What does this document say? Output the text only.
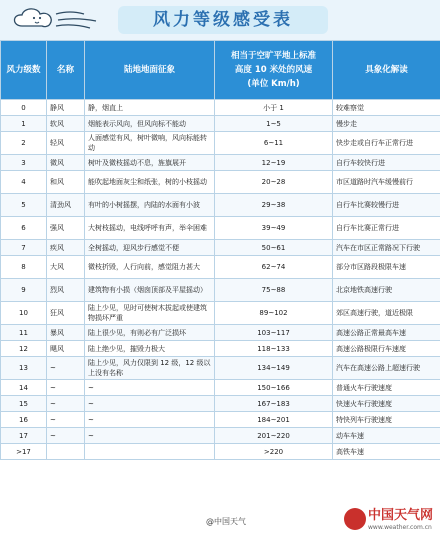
风力等级感受表
风力级数	名称	陆地地面征象	相当于空旷平地上标准
高度 10 米处的风速
(单位 Km/h)	具象化解读
0	静风	静，烟直上	小于 1	较难察觉
1	软风	烟能表示风向，但风向标不能动	1~5	慢步走
2	轻风	人面感觉有风，树叶微响，风向标能转动	6~11	快步走或自行车正常行进
3	微风	树叶及微枝摇动不息，旌旗展开	12~19	自行车较快行进
4	和风	能吹起地面灰尘和纸张，树的小枝摇动	20~28	市区道路时汽车缓慢前行
5	清劲风	有叶的小树摇摆，内陆的水面有小波	29~38	自行车比赛较慢行进
6	强风	大树枝摇动，电线呼呼有声，举伞困难	39~49	自行车比赛正常行进
7	疾风	全树摇动，迎风步行感觉不便	50~61	汽车在市区正常路况下行驶
8	大风	微枝折毁，人行向前，感觉阻力甚大	62~74	部分市区路段极限车速
9	烈风	建筑物有小损（烟囱顶部及平屋摇动）	75~88	北京地铁高速行驶
10	狂风	陆上少见，见时可使树木拔起或使建筑物损坏严重	89~102	郊区高速行驶，道近极限
11	暴风	陆上很少见，有则必有广泛损坏	103~117	高速公路正常最高车速
12	飓风	陆上绝少见，摧毁力极大	118~133	高速公路极限行车速度
13	~	陆上少见，风力仅限到 12 级，12 级以上没有名称	134~149	汽车在高速公路上超速行驶
14	~	~	150~166	普通火车行驶速度
15	~	~	167~183	快速火车行驶速度
16	~	~	184~201	特快列车行驶速度
17	~	~	201~220	动车车速
>17			>220	高铁车速
@中国天气	中国天气网
www.weather.com.cn
